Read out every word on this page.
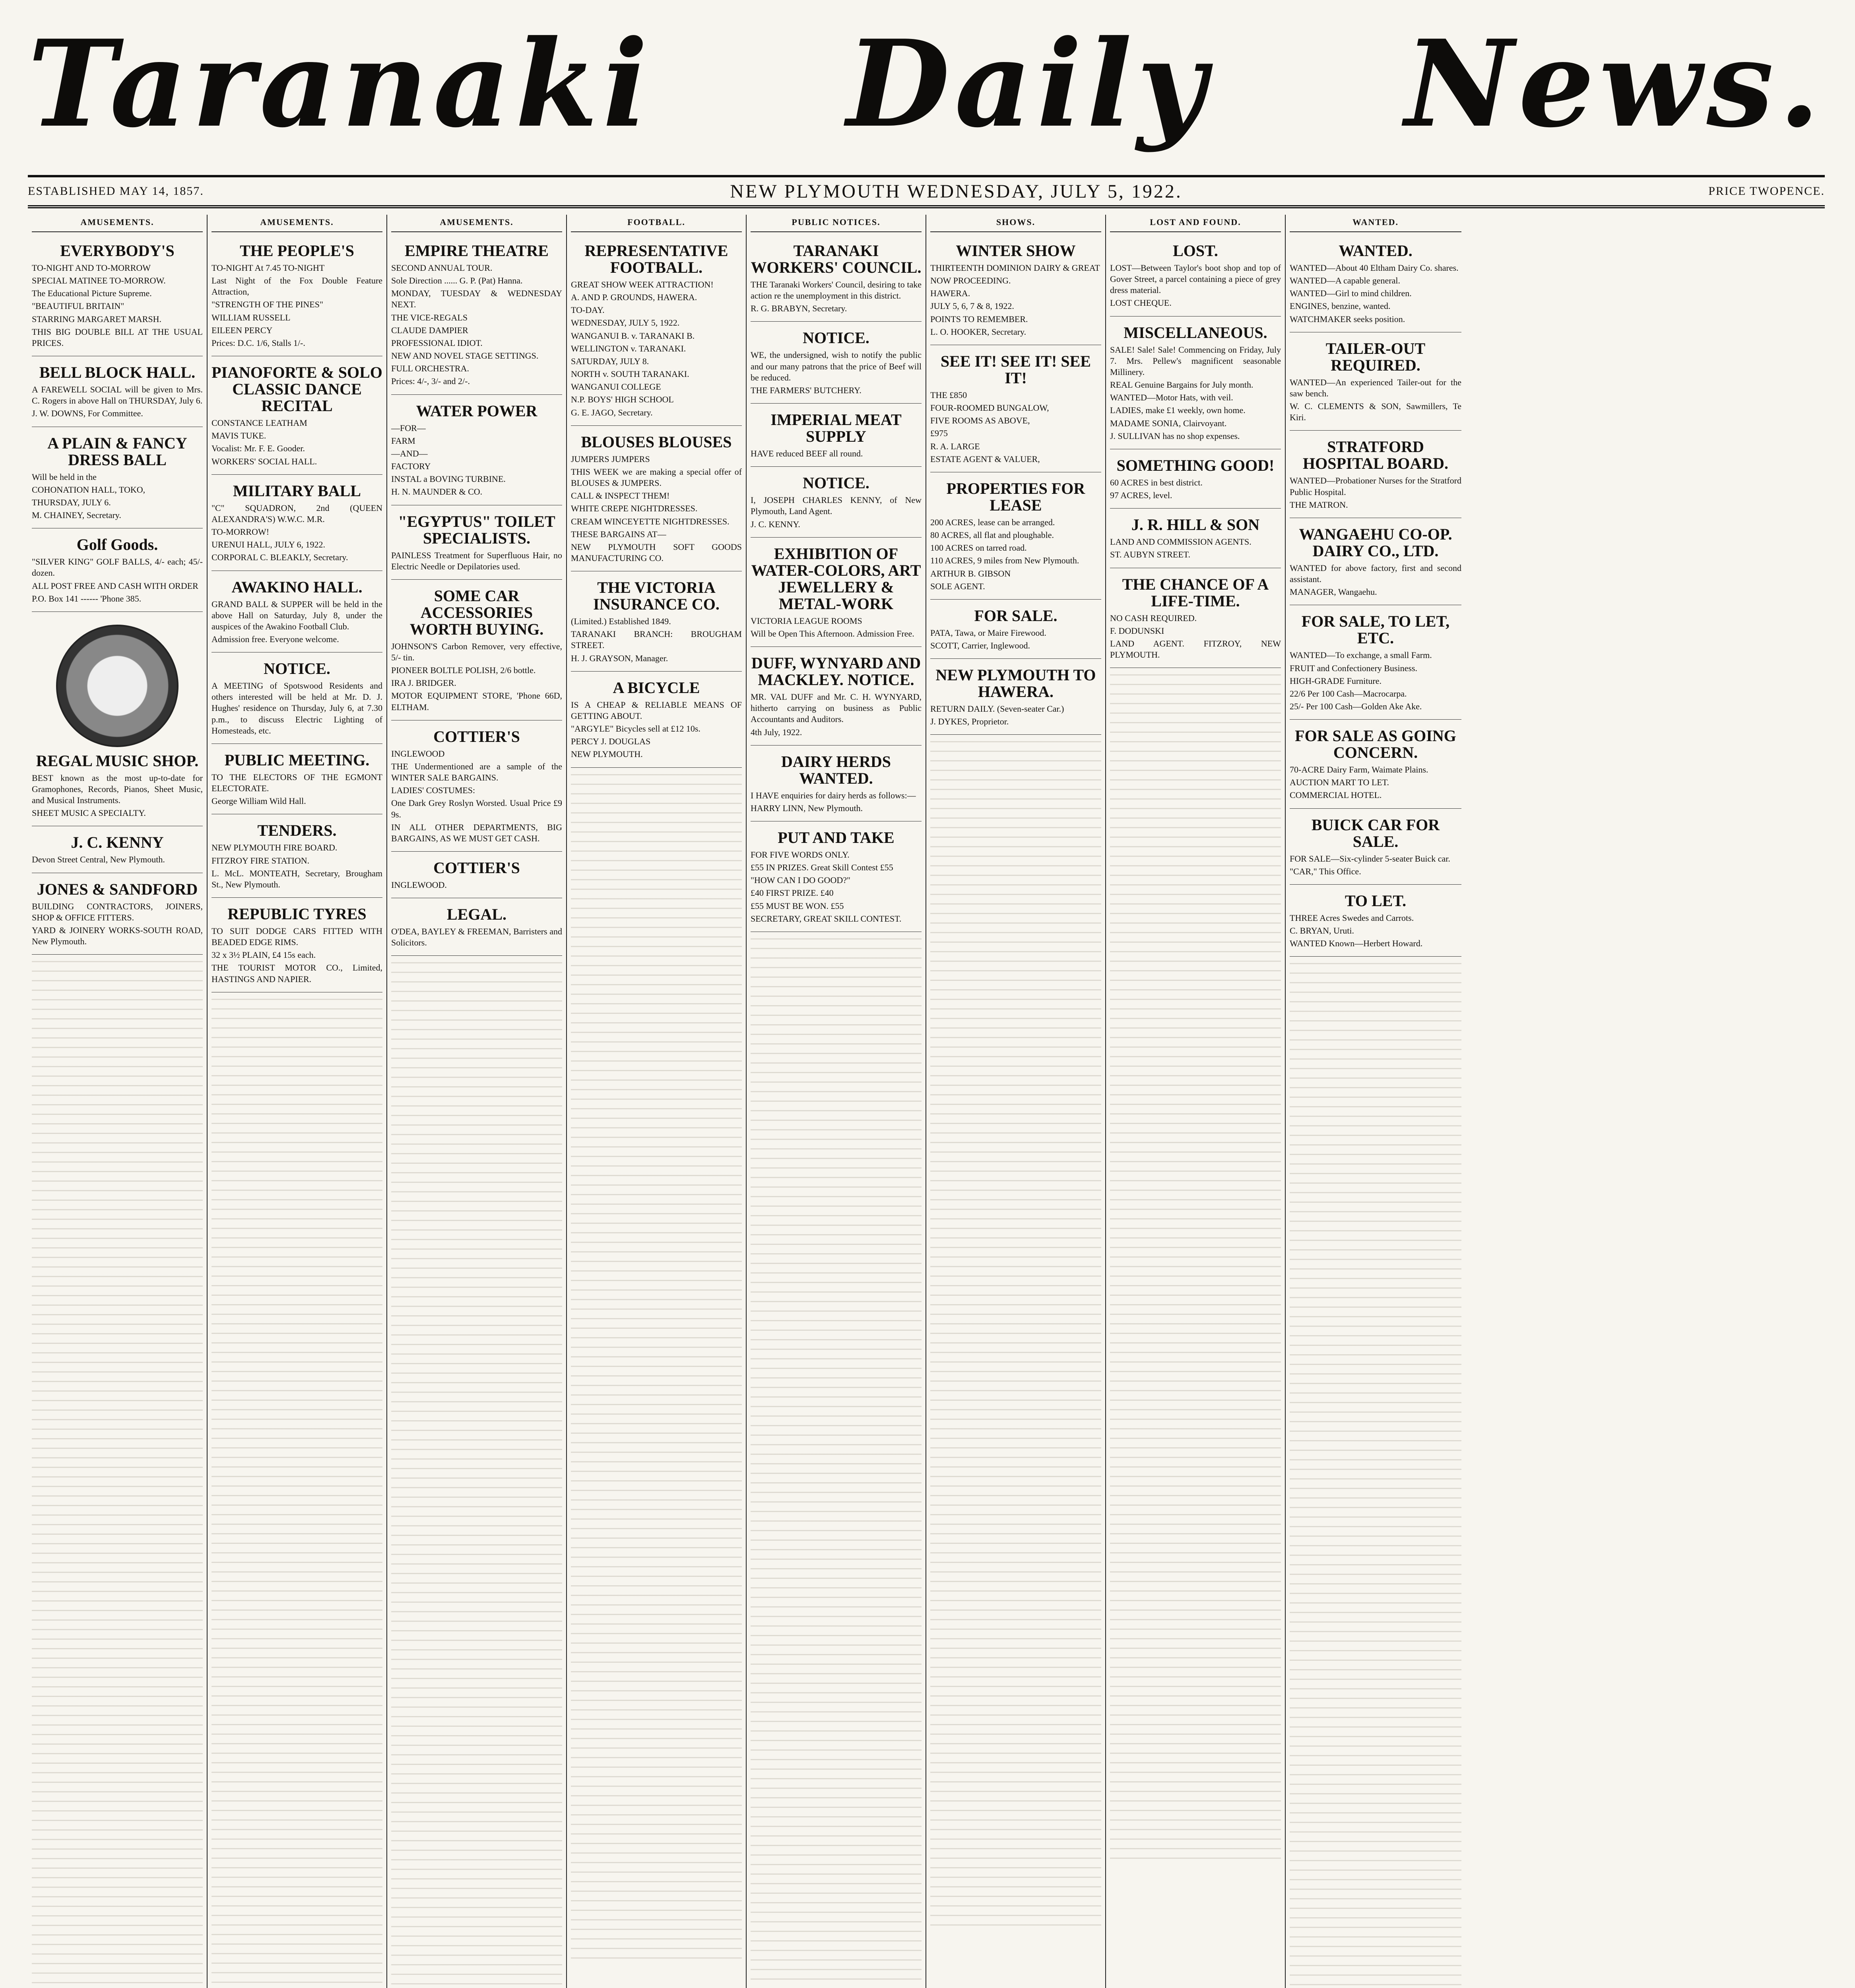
Taranaki Daily News.
ESTABLISHED MAY 14, 1857.	NEW PLYMOUTH WEDNESDAY, JULY 5, 1922.	PRICE TWOPENCE.
AMUSEMENTS.
EVERYBODY'S

TO-NIGHT AND TO-MORROW

SPECIAL MATINEE TO-MORROW.

The Educational Picture Supreme.

"BEAUTIFUL BRITAIN"

STARRING MARGARET MARSH.

THIS BIG DOUBLE BILL AT THE USUAL PRICES.

BELL BLOCK HALL.

A FAREWELL SOCIAL will be given to Mrs. C. Rogers in above Hall on THURSDAY, July 6.

J. W. DOWNS, For Committee.

A PLAIN & FANCY DRESS BALL

Will be held in the

COHONATION HALL, TOKO,

THURSDAY, JULY 6.

M. CHAINEY, Secretary.

Golf Goods.

"SILVER KING" GOLF BALLS, 4/- each; 45/- dozen.

ALL POST FREE AND CASH WITH ORDER

P.O. Box 141 ------ 'Phone 385.

REGAL MUSIC SHOP.

BEST known as the most up-to-date for Gramophones, Records, Pianos, Sheet Music, and Musical Instruments.

SHEET MUSIC A SPECIALTY.

J. C. KENNY

Devon Street Central, New Plymouth.

JONES & SANDFORD

BUILDING CONTRACTORS, JOINERS, SHOP & OFFICE FITTERS.

YARD & JOINERY WORKS-SOUTH ROAD, New Plymouth.

AMUSEMENTS.
THE PEOPLE'S

TO-NIGHT At 7.45 TO-NIGHT

Last Night of the Fox Double Feature Attraction,

"STRENGTH OF THE PINES"

WILLIAM RUSSELL

EILEEN PERCY

Prices: D.C. 1/6, Stalls 1/-.

PIANOFORTE & SOLO CLASSIC DANCE RECITAL

CONSTANCE LEATHAM

MAVIS TUKE.

Vocalist: Mr. F. E. Gooder.

WORKERS' SOCIAL HALL.

MILITARY BALL

"C" SQUADRON, 2nd (QUEEN ALEXANDRA'S) W.W.C. M.R.

TO-MORROW!

URENUI HALL, JULY 6, 1922.

CORPORAL C. BLEAKLY, Secretary.

AWAKINO HALL.

GRAND BALL & SUPPER will be held in the above Hall on Saturday, July 8, under the auspices of the Awakino Football Club.

Admission free. Everyone welcome.

NOTICE.

A MEETING of Spotswood Residents and others interested will be held at Mr. D. J. Hughes' residence on Thursday, July 6, at 7.30 p.m., to discuss Electric Lighting of Homesteads, etc.

PUBLIC MEETING.

TO THE ELECTORS OF THE EGMONT ELECTORATE.

George William Wild Hall.

TENDERS.

NEW PLYMOUTH FIRE BOARD.

FITZROY FIRE STATION.

L. McL. MONTEATH, Secretary, Brougham St., New Plymouth.

REPUBLIC TYRES

TO SUIT DODGE CARS FITTED WITH BEADED EDGE RIMS.

32 x 3½ PLAIN, £4 15s each.

THE TOURIST MOTOR CO., Limited, HASTINGS AND NAPIER.

AMUSEMENTS.
EMPIRE THEATRE

SECOND ANNUAL TOUR.

Sole Direction ...... G. P. (Pat) Hanna.

MONDAY, TUESDAY & WEDNESDAY NEXT.

THE VICE-REGALS

CLAUDE DAMPIER

PROFESSIONAL IDIOT.

NEW AND NOVEL STAGE SETTINGS.

FULL ORCHESTRA.

Prices: 4/-, 3/- and 2/-.

WATER POWER

—FOR—

FARM

—AND—

FACTORY

INSTAL a BOVING TURBINE.

H. N. MAUNDER & CO.

"EGYPTUS" TOILET SPECIALISTS.

PAINLESS Treatment for Superfluous Hair, no Electric Needle or Depilatories used.

SOME CAR ACCESSORIES WORTH BUYING.

JOHNSON'S Carbon Remover, very effective, 5/- tin.

PIONEER BOLTLE POLISH, 2/6 bottle.

IRA J. BRIDGER.

MOTOR EQUIPMENT STORE, 'Phone 66D, ELTHAM.

COTTIER'S

INGLEWOOD

THE Undermentioned are a sample of the WINTER SALE BARGAINS.

LADIES' COSTUMES:

One Dark Grey Roslyn Worsted. Usual Price £9 9s.

IN ALL OTHER DEPARTMENTS, BIG BARGAINS, AS WE MUST GET CASH.

COTTIER'S

INGLEWOOD.

LEGAL.

O'DEA, BAYLEY & FREEMAN, Barristers and Solicitors.

FOOTBALL.
REPRESENTATIVE FOOTBALL.

GREAT SHOW WEEK ATTRACTION!

A. AND P. GROUNDS, HAWERA.

TO-DAY.

WEDNESDAY, JULY 5, 1922.

WANGANUI B. v. TARANAKI B.

WELLINGTON v. TARANAKI.

SATURDAY, JULY 8.

NORTH v. SOUTH TARANAKI.

WANGANUI COLLEGE

N.P. BOYS' HIGH SCHOOL

G. E. JAGO, Secretary.

BLOUSES BLOUSES

JUMPERS JUMPERS

THIS WEEK we are making a special offer of BLOUSES & JUMPERS.

CALL & INSPECT THEM!

WHITE CREPE NIGHTDRESSES.

CREAM WINCEYETTE NIGHTDRESSES.

THESE BARGAINS AT—

NEW PLYMOUTH SOFT GOODS MANUFACTURING CO.

THE VICTORIA INSURANCE CO.

(Limited.) Established 1849.

TARANAKI BRANCH: BROUGHAM STREET.

H. J. GRAYSON, Manager.

A BICYCLE

IS A CHEAP & RELIABLE MEANS OF GETTING ABOUT.

"ARGYLE" Bicycles sell at £12 10s.

PERCY J. DOUGLAS

NEW PLYMOUTH.

PUBLIC NOTICES.
TARANAKI WORKERS' COUNCIL.

THE Taranaki Workers' Council, desiring to take action re the unemployment in this district.

R. G. BRABYN, Secretary.

NOTICE.

WE, the undersigned, wish to notify the public and our many patrons that the price of Beef will be reduced.

THE FARMERS' BUTCHERY.

IMPERIAL MEAT SUPPLY

HAVE reduced BEEF all round.

NOTICE.

I, JOSEPH CHARLES KENNY, of New Plymouth, Land Agent.

J. C. KENNY.

EXHIBITION OF WATER-COLORS, ART JEWELLERY & METAL-WORK

VICTORIA LEAGUE ROOMS

Will be Open This Afternoon. Admission Free.

DUFF, WYNYARD AND MACKLEY. NOTICE.

MR. VAL DUFF and Mr. C. H. WYNYARD, hitherto carrying on business as Public Accountants and Auditors.

4th July, 1922.

DAIRY HERDS WANTED.

I HAVE enquiries for dairy herds as follows:—

HARRY LINN, New Plymouth.

PUT AND TAKE

FOR FIVE WORDS ONLY.

£55 IN PRIZES. Great Skill Contest £55

"HOW CAN I DO GOOD?"

£40 FIRST PRIZE. £40

£55 MUST BE WON. £55

SECRETARY, GREAT SKILL CONTEST.

SHOWS.
WINTER SHOW

THIRTEENTH DOMINION DAIRY & GREAT

NOW PROCEEDING.

HAWERA.

JULY 5, 6, 7 & 8, 1922.

POINTS TO REMEMBER.

L. O. HOOKER, Secretary.

SEE IT! SEE IT! SEE IT!

THE £850

FOUR-ROOMED BUNGALOW,

FIVE ROOMS AS ABOVE,

£975

R. A. LARGE

ESTATE AGENT & VALUER,

PROPERTIES FOR LEASE

200 ACRES, lease can be arranged.

80 ACRES, all flat and ploughable.

100 ACRES on tarred road.

110 ACRES, 9 miles from New Plymouth.

ARTHUR B. GIBSON

SOLE AGENT.

FOR SALE.

PATA, Tawa, or Maire Firewood.

SCOTT, Carrier, Inglewood.

NEW PLYMOUTH TO HAWERA.

RETURN DAILY. (Seven-seater Car.)

J. DYKES, Proprietor.

LOST AND FOUND.
LOST.

LOST—Between Taylor's boot shop and top of Gover Street, a parcel containing a piece of grey dress material.

LOST CHEQUE.

MISCELLANEOUS.

SALE! Sale! Sale! Commencing on Friday, July 7. Mrs. Pellew's magnificent seasonable Millinery.

REAL Genuine Bargains for July month.

WANTED—Motor Hats, with veil.

LADIES, make £1 weekly, own home.

MADAME SONIA, Clairvoyant.

J. SULLIVAN has no shop expenses.

SOMETHING GOOD!

60 ACRES in best district.

97 ACRES, level.

J. R. HILL & SON

LAND AND COMMISSION AGENTS.

ST. AUBYN STREET.

THE CHANCE OF A LIFE-TIME.

NO CASH REQUIRED.

F. DODUNSKI

LAND AGENT. FITZROY, NEW PLYMOUTH.

WANTED.
WANTED.

WANTED—About 40 Eltham Dairy Co. shares.

WANTED—A capable general.

WANTED—Girl to mind children.

ENGINES, benzine, wanted.

WATCHMAKER seeks position.

TAILER-OUT REQUIRED.

WANTED—An experienced Tailer-out for the saw bench.

W. C. CLEMENTS & SON, Sawmillers, Te Kiri.

STRATFORD HOSPITAL BOARD.

WANTED—Probationer Nurses for the Stratford Public Hospital.

THE MATRON.

WANGAEHU CO-OP. DAIRY CO., LTD.

WANTED for above factory, first and second assistant.

MANAGER, Wangaehu.

FOR SALE, TO LET, ETC.

WANTED—To exchange, a small Farm.

FRUIT and Confectionery Business.

HIGH-GRADE Furniture.

22/6 Per 100 Cash—Macrocarpa.

25/- Per 100 Cash—Golden Ake Ake.

FOR SALE AS GOING CONCERN.

70-ACRE Dairy Farm, Waimate Plains.

AUCTION MART TO LET.

COMMERCIAL HOTEL.

BUICK CAR FOR SALE.

FOR SALE—Six-cylinder 5-seater Buick car.

"CAR," This Office.

TO LET.

THREE Acres Swedes and Carrots.

C. BRYAN, Uruti.

WANTED Known—Herbert Howard.
